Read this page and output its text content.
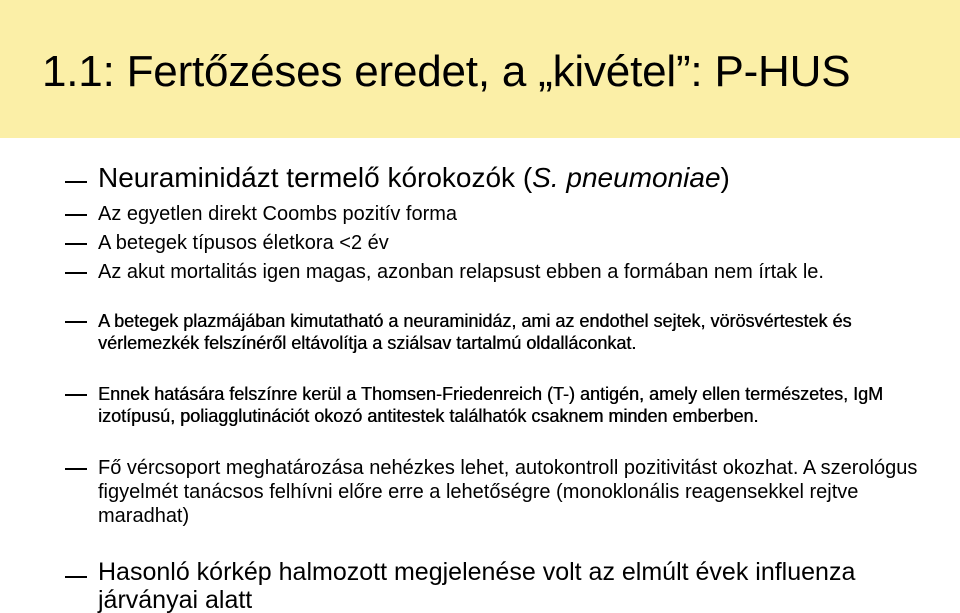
1.1: Fertőzéses eredet, a „kivétel”: P-HUS
Neuraminidázt termelő kórokozók (S. pneumoniae)
Az egyetlen direkt Coombs pozitív forma
A betegek típusos életkora <2 év
Az akut mortalitás igen magas, azonban relapsust ebben a formában nem írtak le.
A betegek plazmájában kimutatható a neuraminidáz, ami az endothel sejtek, vörösvértestek és vérlemezkék felszínéről eltávolítja a sziálsav tartalmú oldalláconkat.
Ennek hatására felszínre kerül a Thomsen-Friedenreich (T-) antigén, amely ellen természetes, IgM izotípusú, poliagglutinációt okozó antitestek találhatók csaknem minden emberben.
Fő vércsoport meghatározása nehézkes lehet, autokontroll pozitivitást okozhat. A szerológus figyelmét tanácsos felhívni előre erre a lehetőségre (monoklonális reagensekkel rejtve maradhat)
Hasonló kórkép halmozott megjelenése volt az elmúlt évek influenza járványai alatt
